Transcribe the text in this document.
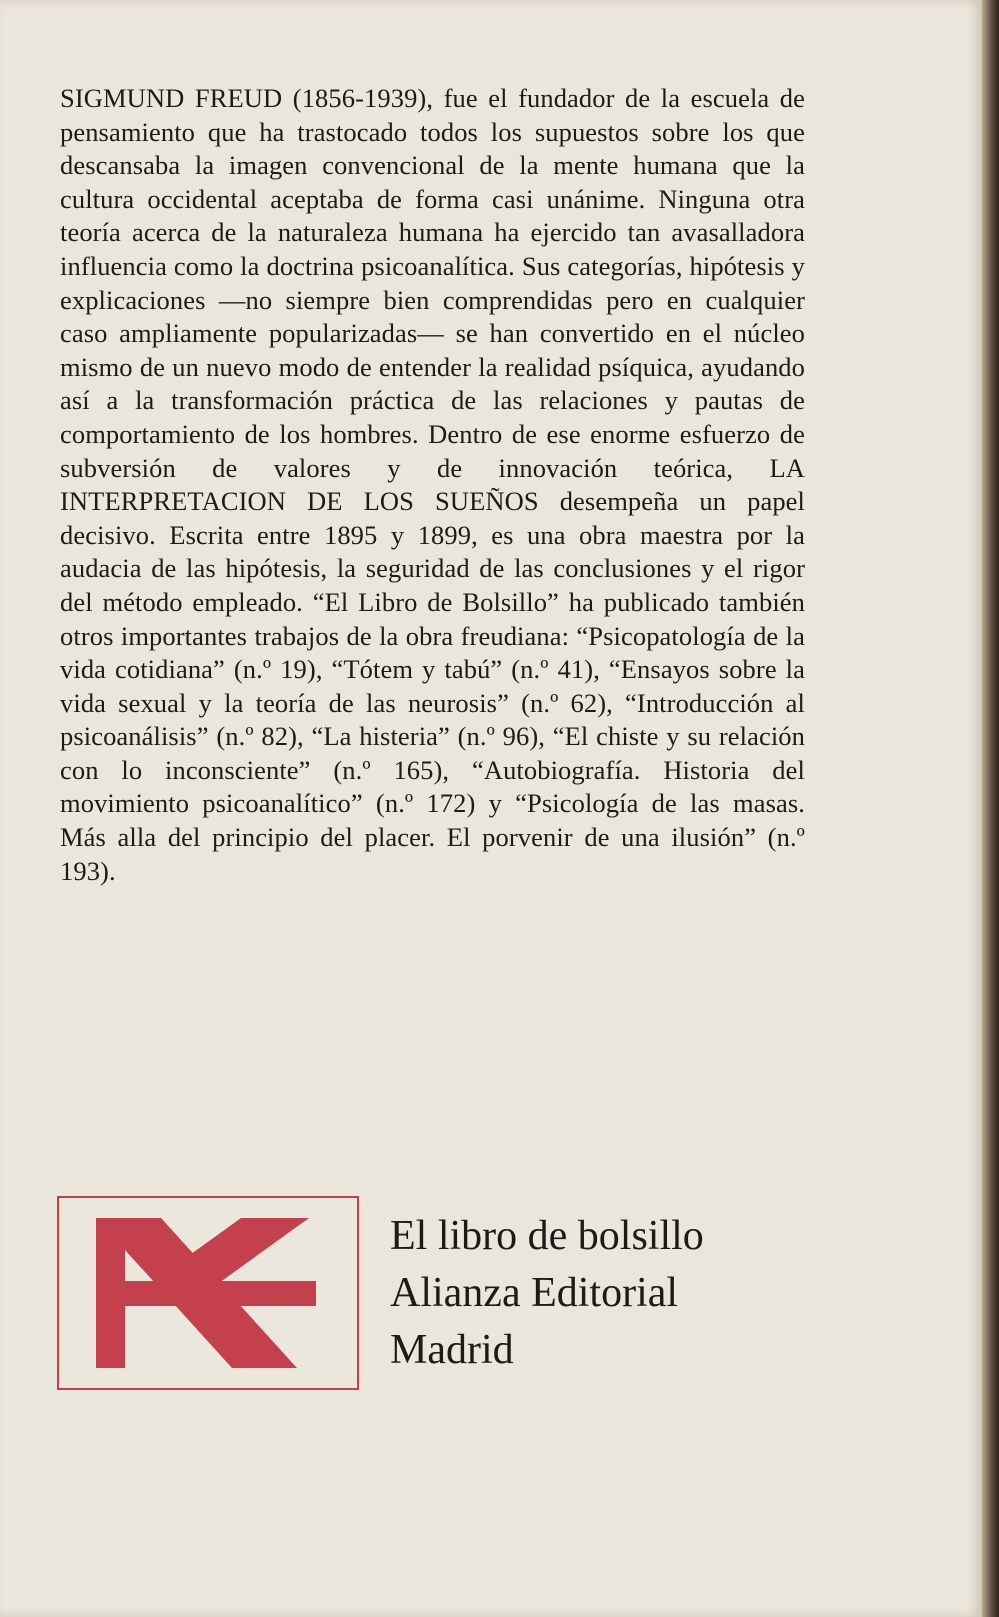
SIGMUND FREUD (1856-1939), fue el fundador de la escuela de pensamiento que ha trastocado todos los supuestos sobre los que descansaba la imagen convencional de la mente humana que la cultura occidental aceptaba de forma casi unánime. Ninguna otra teoría acerca de la naturaleza humana ha ejercido tan avasalladora influencia como la doctrina psicoanalítica. Sus categorías, hipótesis y explicaciones —no siempre bien comprendidas pero en cualquier caso ampliamente popularizadas— se han convertido en el núcleo mismo de un nuevo modo de entender la realidad psíquica, ayudando así a la transformación práctica de las relaciones y pautas de comportamiento de los hombres. Dentro de ese enorme esfuerzo de subversión de valores y de innovación teórica, LA INTERPRETACION DE LOS SUEÑOS desempeña un papel decisivo. Escrita entre 1895 y 1899, es una obra maestra por la audacia de las hipótesis, la seguridad de las conclusiones y el rigor del método empleado. “El Libro de Bolsillo” ha publicado también otros importantes trabajos de la obra freudiana: “Psicopatología de la vida cotidiana” (n.º 19), “Tótem y tabú” (n.º 41), “Ensayos sobre la vida sexual y la teoría de las neurosis” (n.º 62), “Introducción al psicoanálisis” (n.º 82), “La histeria” (n.º 96), “El chiste y su relación con lo inconsciente” (n.º 165), “Autobiografía. Historia del movimiento psicoanalítico” (n.º 172) y “Psicología de las masas. Más alla del principio del placer. El porvenir de una ilusión” (n.º 193).

El libro de bolsillo
Alianza Editorial
Madrid
